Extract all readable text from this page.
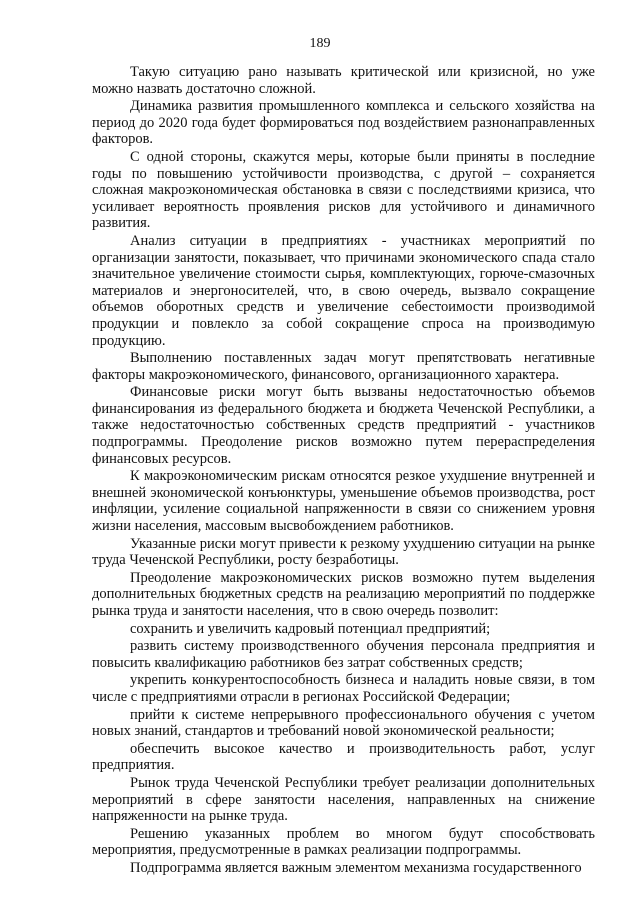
189

Такую ситуацию рано называть критической или кризисной, но уже можно назвать достаточно сложной.

Динамика развития промышленного комплекса и сельского хозяйства на период до 2020 года будет формироваться под воздействием разнонаправленных факторов.

С одной стороны, скажутся меры, которые были приняты в последние годы по повышению устойчивости производства, с другой – сохраняется сложная макроэкономическая обстановка в связи с последствиями кризиса, что усиливает вероятность проявления рисков для устойчивого и динамичного развития.

Анализ ситуации в предприятиях - участниках мероприятий по организации занятости, показывает, что причинами экономического спада стало значительное увеличение стоимости сырья, комплектующих, горюче-смазочных материалов и энергоносителей, что, в свою очередь, вызвало сокращение объемов оборотных средств и увеличение себестоимости производимой продукции и повлекло за собой сокращение спроса на производимую продукцию.

Выполнению поставленных задач могут препятствовать негативные факторы макроэкономического, финансового, организационного характера.

Финансовые риски могут быть вызваны недостаточностью объемов финансирования из федерального бюджета и бюджета Чеченской Республики, а также недостаточностью собственных средств предприятий - участников подпрограммы. Преодоление рисков возможно путем перераспределения финансовых ресурсов.

К макроэкономическим рискам относятся резкое ухудшение внутренней и внешней экономической конъюнктуры, уменьшение объемов производства, рост инфляции, усиление социальной напряженности в связи со снижением уровня жизни населения, массовым высвобождением работников.

Указанные риски могут привести к резкому ухудшению ситуации на рынке труда Чеченской Республики, росту безработицы.

Преодоление макроэкономических рисков возможно путем выделения дополнительных бюджетных средств на реализацию мероприятий по поддержке рынка труда и занятости населения, что в свою очередь позволит:

сохранить и увеличить кадровый потенциал предприятий;

развить систему производственного обучения персонала предприятия и повысить квалификацию работников без затрат собственных средств;

укрепить конкурентоспособность бизнеса и наладить новые связи, в том числе с предприятиями отрасли в регионах Российской Федерации;

прийти к системе непрерывного профессионального обучения с учетом новых знаний, стандартов и требований новой экономической реальности;

обеспечить высокое качество и производительность работ, услуг предприятия.

Рынок труда Чеченской Республики требует реализации дополнительных мероприятий в сфере занятости населения, направленных на снижение напряженности на рынке труда.

Решению указанных проблем во многом будут способствовать мероприятия, предусмотренные в рамках реализации подпрограммы.

Подпрограмма является важным элементом механизма государственного
